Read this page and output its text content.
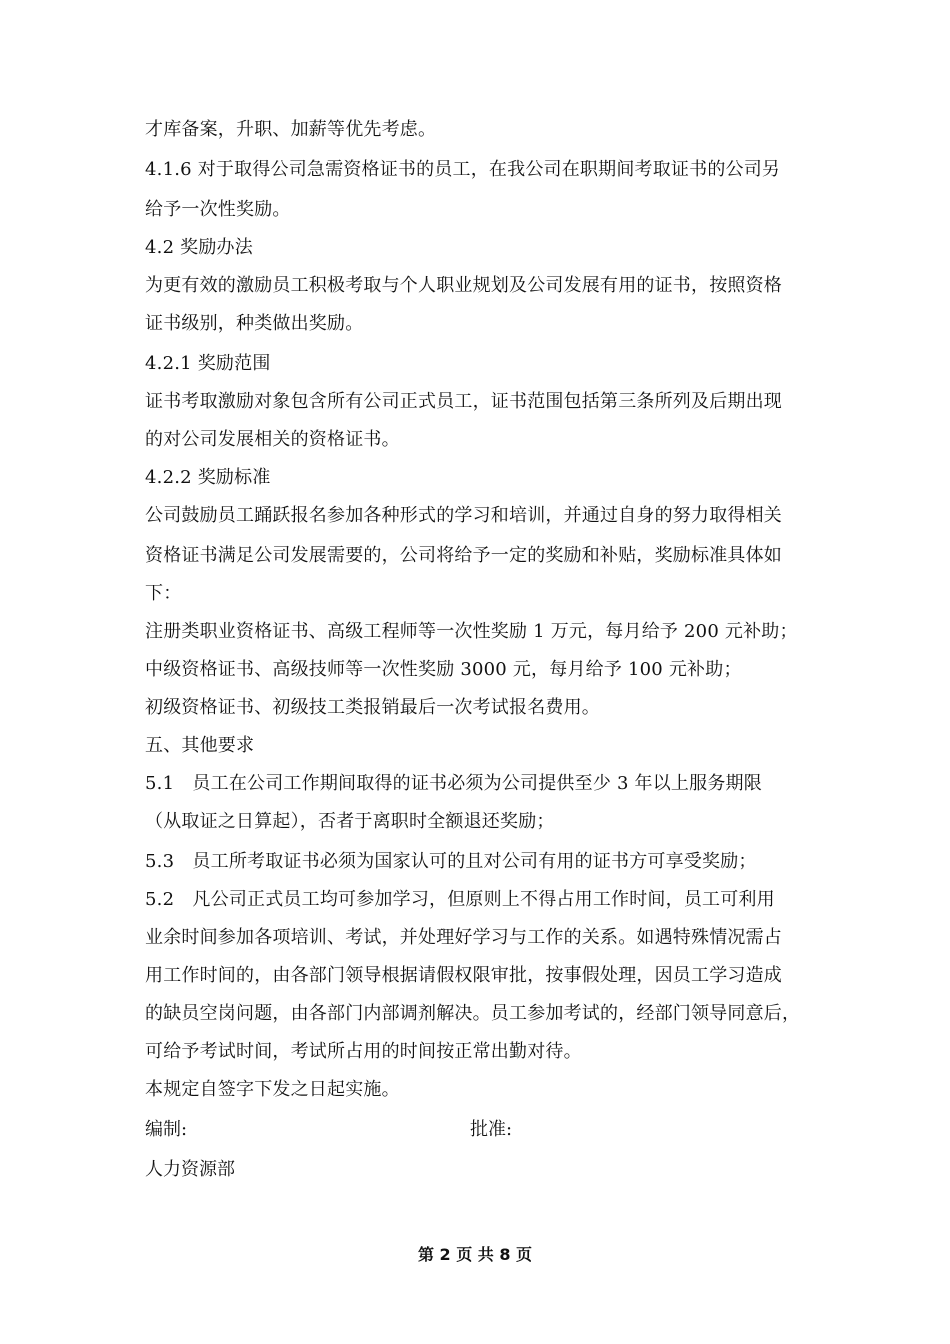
才库备案，升职、加薪等优先考虑。
4.1.6 对于取得公司急需资格证书的员工，在我公司在职期间考取证书的公司另
给予一次性奖励。
4.2 奖励办法
为更有效的激励员工积极考取与个人职业规划及公司发展有用的证书，按照资格
证书级别，种类做出奖励。
4.2.1 奖励范围
证书考取激励对象包含所有公司正式员工，证书范围包括第三条所列及后期出现
的对公司发展相关的资格证书。
4.2.2 奖励标准
公司鼓励员工踊跃报名参加各种形式的学习和培训，并通过自身的努力取得相关
资格证书满足公司发展需要的，公司将给予一定的奖励和补贴，奖励标准具体如
下：
注册类职业资格证书、高级工程师等一次性奖励 1 万元，每月给予 200 元补助；
中级资格证书、高级技师等一次性奖励 3000 元，每月给予 100 元补助；
初级资格证书、初级技工类报销最后一次考试报名费用。
五、其他要求
5.1　员工在公司工作期间取得的证书必须为公司提供至少 3 年以上服务期限
（从取证之日算起），否者于离职时全额退还奖励；
5.3　员工所考取证书必须为国家认可的且对公司有用的证书方可享受奖励；
5.2　凡公司正式员工均可参加学习，但原则上不得占用工作时间，员工可利用
业余时间参加各项培训、考试，并处理好学习与工作的关系。如遇特殊情况需占
用工作时间的，由各部门领导根据请假权限审批，按事假处理，因员工学习造成
的缺员空岗问题，由各部门内部调剂解决。员工参加考试的，经部门领导同意后，
可给予考试时间，考试所占用的时间按正常出勤对待。
本规定自签字下发之日起实施。
编制:	批准:
人力资源部
第 2 页 共 8 页
